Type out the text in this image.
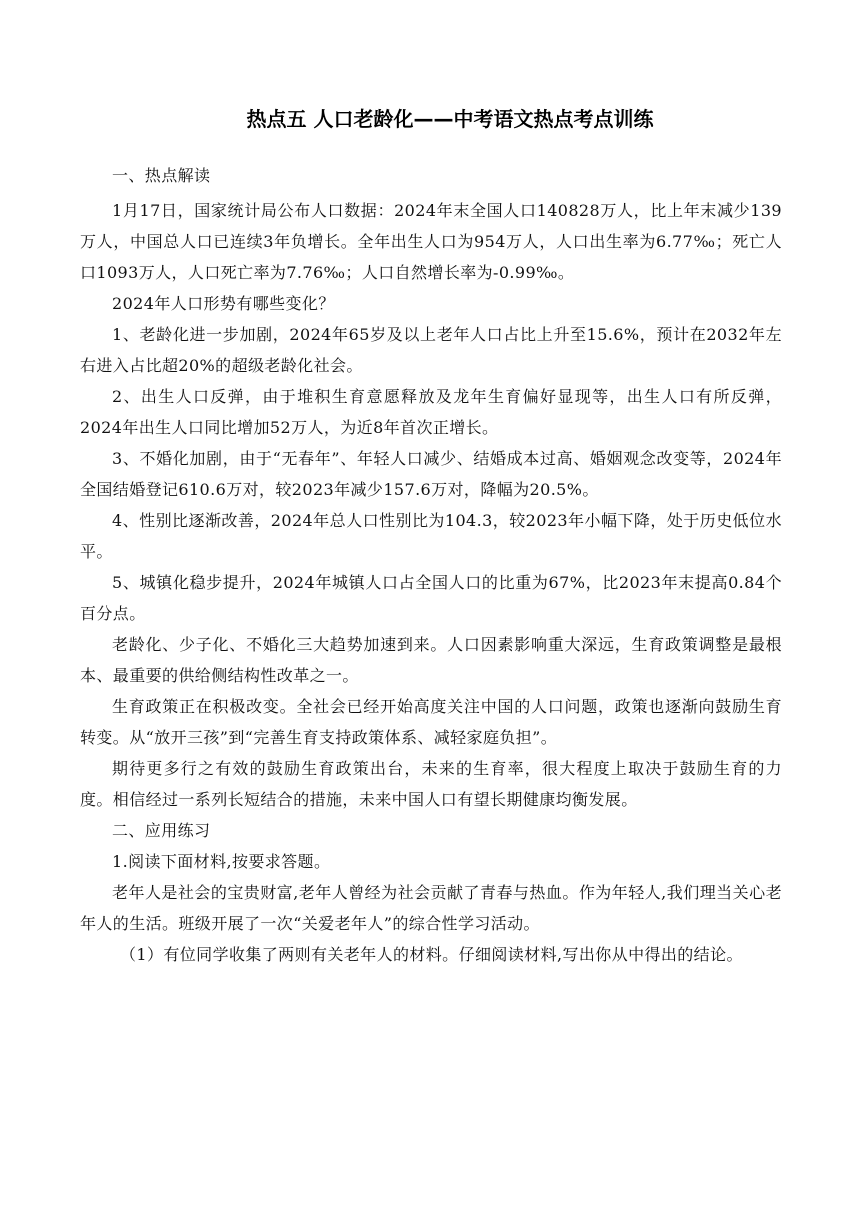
热点五 人口老龄化——中考语文热点考点训练

一、热点解读

1月17日，国家统计局公布人口数据：2024年末全国人口140828万人，比上年末减少139万人，中国总人口已连续3年负增长。全年出生人口为954万人，人口出生率为6.77‰；死亡人口1093万人，人口死亡率为7.76‰；人口自然增长率为-0.99‰。

2024年人口形势有哪些变化？

1、老龄化进一步加剧，2024年65岁及以上老年人口占比上升至15.6%，预计在2032年左右进入占比超20%的超级老龄化社会。

2、出生人口反弹，由于堆积生育意愿释放及龙年生育偏好显现等，出生人口有所反弹，2024年出生人口同比增加52万人，为近8年首次正增长。

3、不婚化加剧，由于“无春年”、年轻人口减少、结婚成本过高、婚姻观念改变等，2024年全国结婚登记610.6万对，较2023年减少157.6万对，降幅为20.5%。

4、性别比逐渐改善，2024年总人口性别比为104.3，较2023年小幅下降，处于历史低位水平。

5、城镇化稳步提升，2024年城镇人口占全国人口的比重为67%，比2023年末提高0.84个百分点。

老龄化、少子化、不婚化三大趋势加速到来。人口因素影响重大深远，生育政策调整是最根本、最重要的供给侧结构性改革之一。

生育政策正在积极改变。全社会已经开始高度关注中国的人口问题，政策也逐渐向鼓励生育转变。从“放开三孩”到“完善生育支持政策体系、减轻家庭负担”。

期待更多行之有效的鼓励生育政策出台，未来的生育率，很大程度上取决于鼓励生育的力度。相信经过一系列长短结合的措施，未来中国人口有望长期健康均衡发展。

二、应用练习

1.阅读下面材料,按要求答题。

老年人是社会的宝贵财富,老年人曾经为社会贡献了青春与热血。作为年轻人,我们理当关心老年人的生活。班级开展了一次“关爱老年人”的综合性学习活动。

（1）有位同学收集了两则有关老年人的材料。仔细阅读材料,写出你从中得出的结论。
